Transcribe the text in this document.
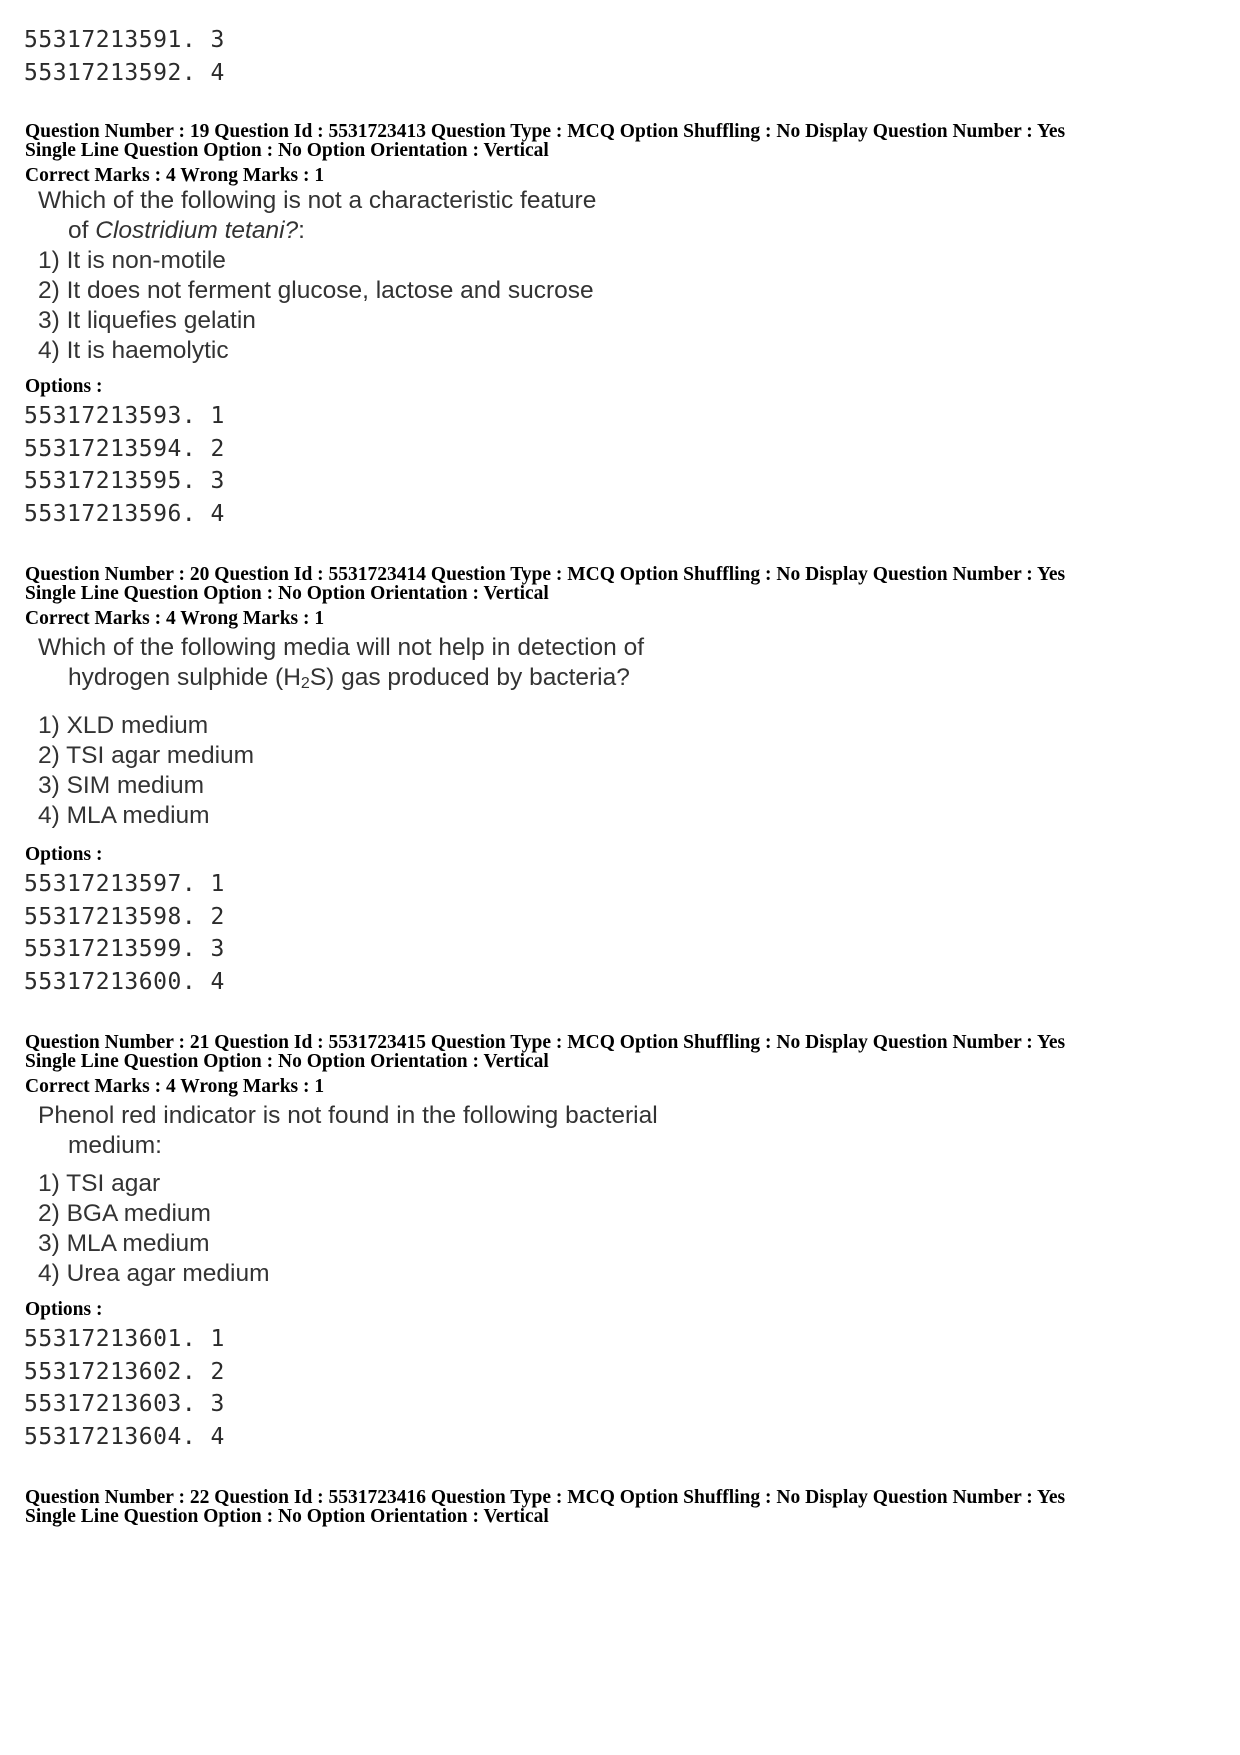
55317213591. 3
55317213592. 4
Question Number : 19 Question Id : 5531723413 Question Type : MCQ Option Shuffling : No Display Question Number : Yes
Single Line Question Option : No Option Orientation : Vertical
Correct Marks : 4 Wrong Marks : 1
Which of the following is not a characteristic feature
of Clostridium tetani?:
1) It is non-motile
2) It does not ferment glucose, lactose and sucrose
3) It liquefies gelatin
4) It is haemolytic
Options :
55317213593. 1
55317213594. 2
55317213595. 3
55317213596. 4
Question Number : 20 Question Id : 5531723414 Question Type : MCQ Option Shuffling : No Display Question Number : Yes
Single Line Question Option : No Option Orientation : Vertical
Correct Marks : 4 Wrong Marks : 1
Which of the following media will not help in detection of
hydrogen sulphide $(H_2S)$ gas produced by bacteria?
1) XLD medium
2) TSI agar medium
3) SIM medium
4) MLA medium
Options :
55317213597. 1
55317213598. 2
55317213599. 3
55317213600. 4
Question Number : 21 Question Id : 5531723415 Question Type : MCQ Option Shuffling : No Display Question Number : Yes
Single Line Question Option : No Option Orientation : Vertical
Correct Marks : 4 Wrong Marks : 1
Phenol red indicator is not found in the following bacterial
medium:
1) TSI agar
2) BGA medium
3) MLA medium
4) Urea agar medium
Options :
55317213601. 1
55317213602. 2
55317213603. 3
55317213604. 4
Question Number : 22 Question Id : 5531723416 Question Type : MCQ Option Shuffling : No Display Question Number : Yes
Single Line Question Option : No Option Orientation : Vertical
